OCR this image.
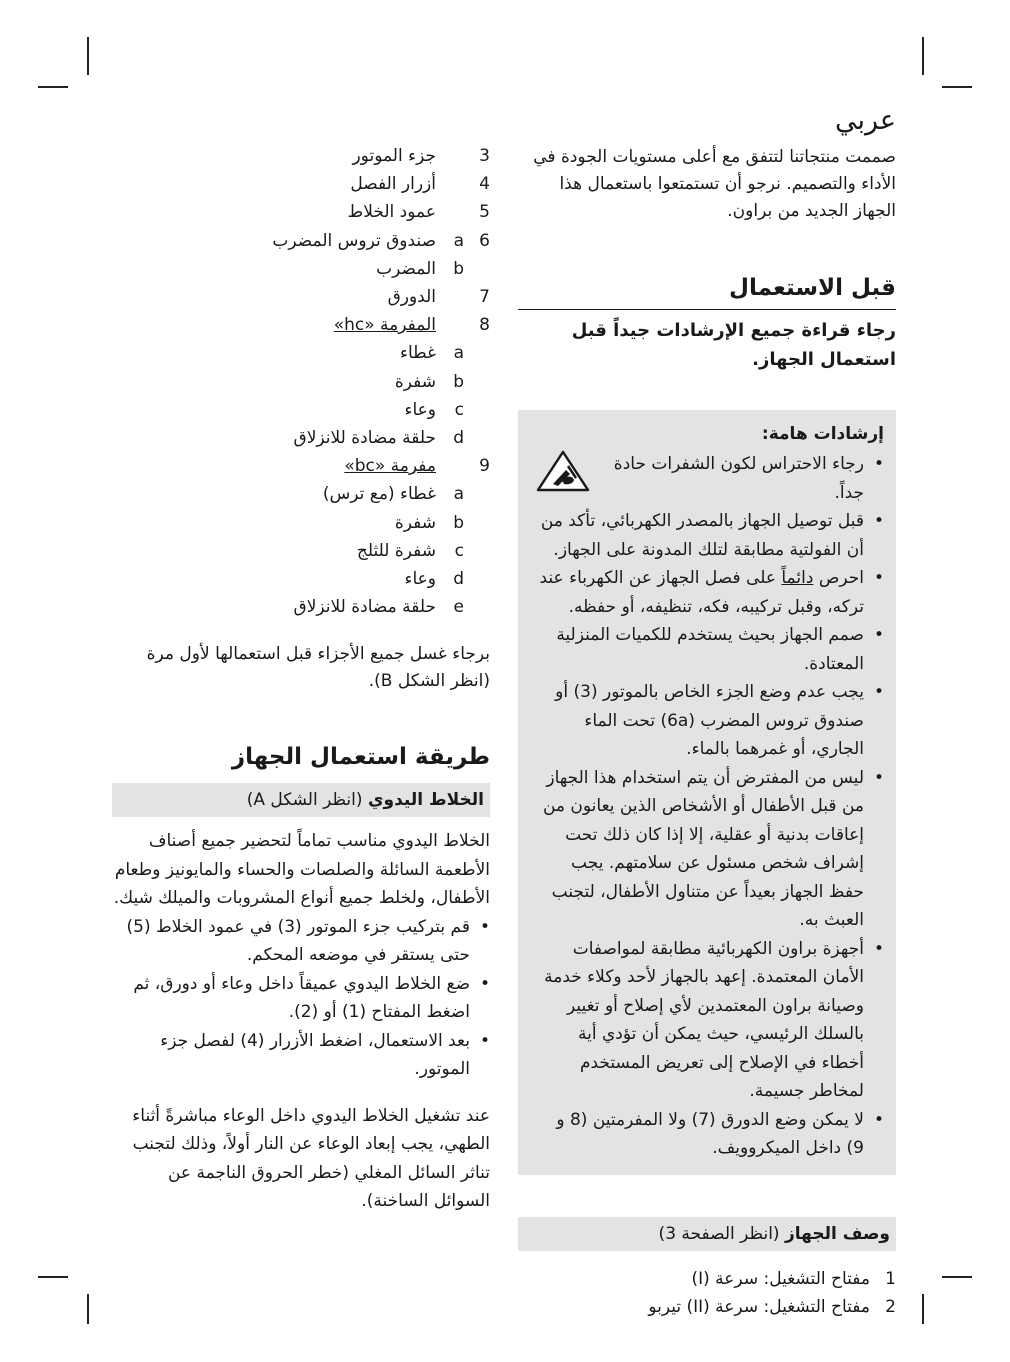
عربي

صممت منتجاتنا لتتفق مع أعلى مستويات الجودة في الأداء والتصميم. نرجو أن تستمتعوا باستعمال هذا الجهاز الجديد من براون.

قبل الاستعمال
رجاء قراءة جميع الإرشادات جيداً قبل استعمال الجهاز.
إرشادات هامة:
• رجاء الاحتراس لكون الشفرات حادة جداً.
• قبل توصيل الجهاز بالمصدر الكهربائي، تأكد من أن الفولتية مطابقة لتلك المدونة على الجهاز.
• احرص دائماً على فصل الجهاز عن الكهرباء عند تركه، وقبل تركيبه، فكه، تنظيفه، أو حفظه.
• صمم الجهاز بحيث يستخدم للكميات المنزلية المعتادة.
• يجب عدم وضع الجزء الخاص بالموتور (3) أو صندوق تروس المضرب (6a) تحت الماء الجاري، أو غمرهما بالماء.
• ليس من المفترض أن يتم استخدام هذا الجهاز من قبل الأطفال أو الأشخاص الذين يعانون من إعاقات بدنية أو عقلية، إلا إذا كان ذلك تحت إشراف شخص مسئول عن سلامتهم. يجب حفظ الجهاز بعيداً عن متناول الأطفال، لتجنب العبث به.
• أجهزة براون الكهربائية مطابقة لمواصفات الأمان المعتمدة. إعهد بالجهاز لأحد وكلاء خدمة وصيانة براون المعتمدين لأي إصلاح أو تغيير بالسلك الرئيسي، حيث يمكن أن تؤدي أية أخطاء في الإصلاح إلى تعريض المستخدم لمخاطر جسيمة.
• لا يمكن وضع الدورق (7) ولا المفرمتين (8 و 9) داخل الميكروويف.
وصف الجهاز (انظر الصفحة 3)
1
مفتاح التشغيل: سرعة (I)
2
مفتاح التشغيل: سرعة (II) تيربو
3
جزء الموتور
4
أزرار الفصل
5
عمود الخلاط
6
a
صندوق تروس المضرب
b
المضرب
7
الدورق
8
المفرمة «hc»
a
غطاء
b
شفرة
c
وعاء
d
حلقة مضادة للانزلاق
9
مفرمة «bc»
a
غطاء (مع ترس)
b
شفرة
c
شفرة للثلج
d
وعاء
e
حلقة مضادة للانزلاق

برجاء غسل جميع الأجزاء قبل استعمالها لأول مرة (انظر الشكل B).

طريقة استعمال الجهاز
الخلاط اليدوي (انظر الشكل A)

الخلاط اليدوي مناسب تماماً لتحضير جميع أصناف الأطعمة السائلة والصلصات والحساء والمايونيز وطعام الأطفال، ولخلط جميع أنواع المشروبات والميلك شيك.

• قم بتركيب جزء الموتور (3) في عمود الخلاط (5) حتى يستقر في موضعه المحكم.
• ضع الخلاط اليدوي عميقاً داخل وعاء أو دورق، ثم اضغط المفتاح (1) أو (2).
• بعد الاستعمال، اضغط الأزرار (4) لفصل جزء الموتور.

عند تشغيل الخلاط اليدوي داخل الوعاء مباشرةً أثناء الطهي، يجب إبعاد الوعاء عن النار أولاً، وذلك لتجنب تناثر السائل المغلي (خطر الحروق الناجمة عن السوائل الساخنة).
